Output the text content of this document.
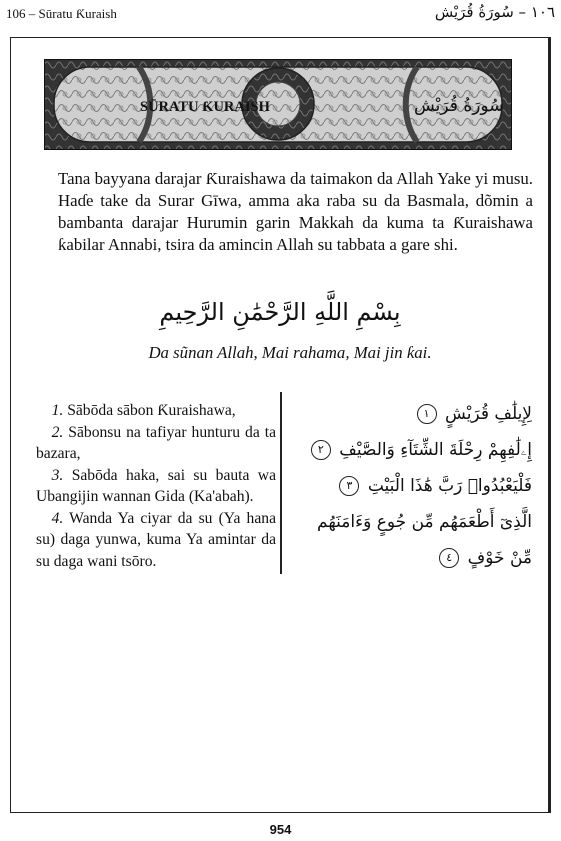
106 – Sūratu Ƙuraish	١٠٦ – سُورَةُ قُرَيْش
SŪRATU ƘURAISH	سُورَةُ قُرَيْش

Tana bayyana darajar Ƙuraishawa da taimakon da Allah Yake yi musu. Haɗe take da Surar Gīwa, amma aka raba su da Basmala, dõmin a bambanta darajar Hurumin garin Makkah da kuma ta Ƙuraishawa ƙabilar Annabi, tsira da amincin Allah su tabbata a gare shi.

بِسْمِ اللَّهِ الرَّحْمَٰنِ الرَّحِيمِ
Da sũnan Allah, Mai rahama, Mai jin ƙai.

 1. Sābōda sābon Ƙuraishawa,

 2. Sābonsu na tafiyar hunturu da ta bazara,

 3. Sabōda haka, sai su bauta wa Ubangijin wannan Gida (Ka'abah).

 4. Wanda Ya ciyar da su (Ya hana su) daga yunwa, kuma Ya amintar da su daga wani tsōro.

لِإِيلَٰفِ قُرَيْشٍ ١
إِۦلَٰفِهِمْ رِحْلَةَ الشِّتَآءِ وَالصَّيْفِ ٢
فَلْيَعْبُدُوا۟ رَبَّ هَٰذَا الْبَيْتِ ٣
الَّذِىٓ أَطْعَمَهُم مِّن جُوعٍ وَءَامَنَهُم
مِّنْ خَوْفٍ ٤
954
